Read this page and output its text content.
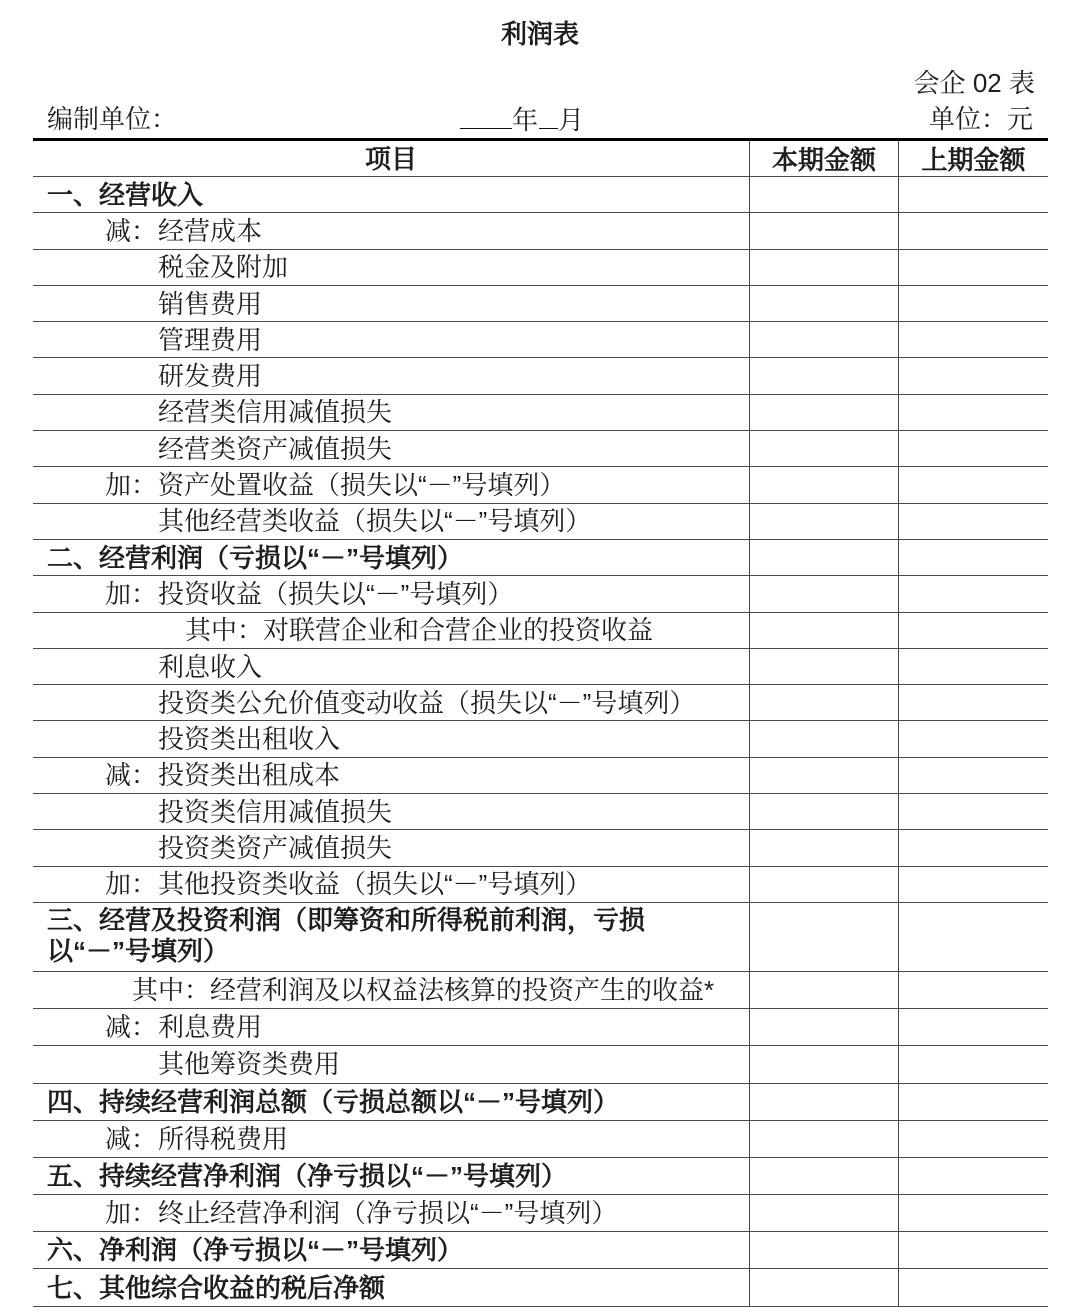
利润表
会企 02 表
编制单位：	年 月	单位：元
项目	本期金额	上期金额
一、经营收入
减： 经营成本
税金及附加
销售费用
管理费用
研发费用
经营类信用减值损失
经营类资产减值损失
加： 资产处置收益（损失以“－”号填列）
其他经营类收益（损失以“－”号填列）
二、经营利润（亏损以“－”号填列）
加： 投资收益（损失以“－”号填列）
其中： 对联营企业和合营企业的投资收益
利息收入
投资类公允价值变动收益（损失以“－”号填列）
投资类出租收入
减： 投资类出租成本
投资类信用减值损失
投资类资产减值损失
加： 其他投资类收益（损失以“－”号填列）
三、经营及投资利润（即筹资和所得税前利润，亏损
以“－”号填列）
其中： 经营利润及以权益法核算的投资产生的收益*
减： 利息费用
其他筹资类费用
四、持续经营利润总额（亏损总额以“－”号填列）
减： 所得税费用
五、持续经营净利润（净亏损以“－”号填列）
加： 终止经营净利润（净亏损以“－”号填列）
六、净利润（净亏损以“－”号填列）
七、其他综合收益的税后净额
